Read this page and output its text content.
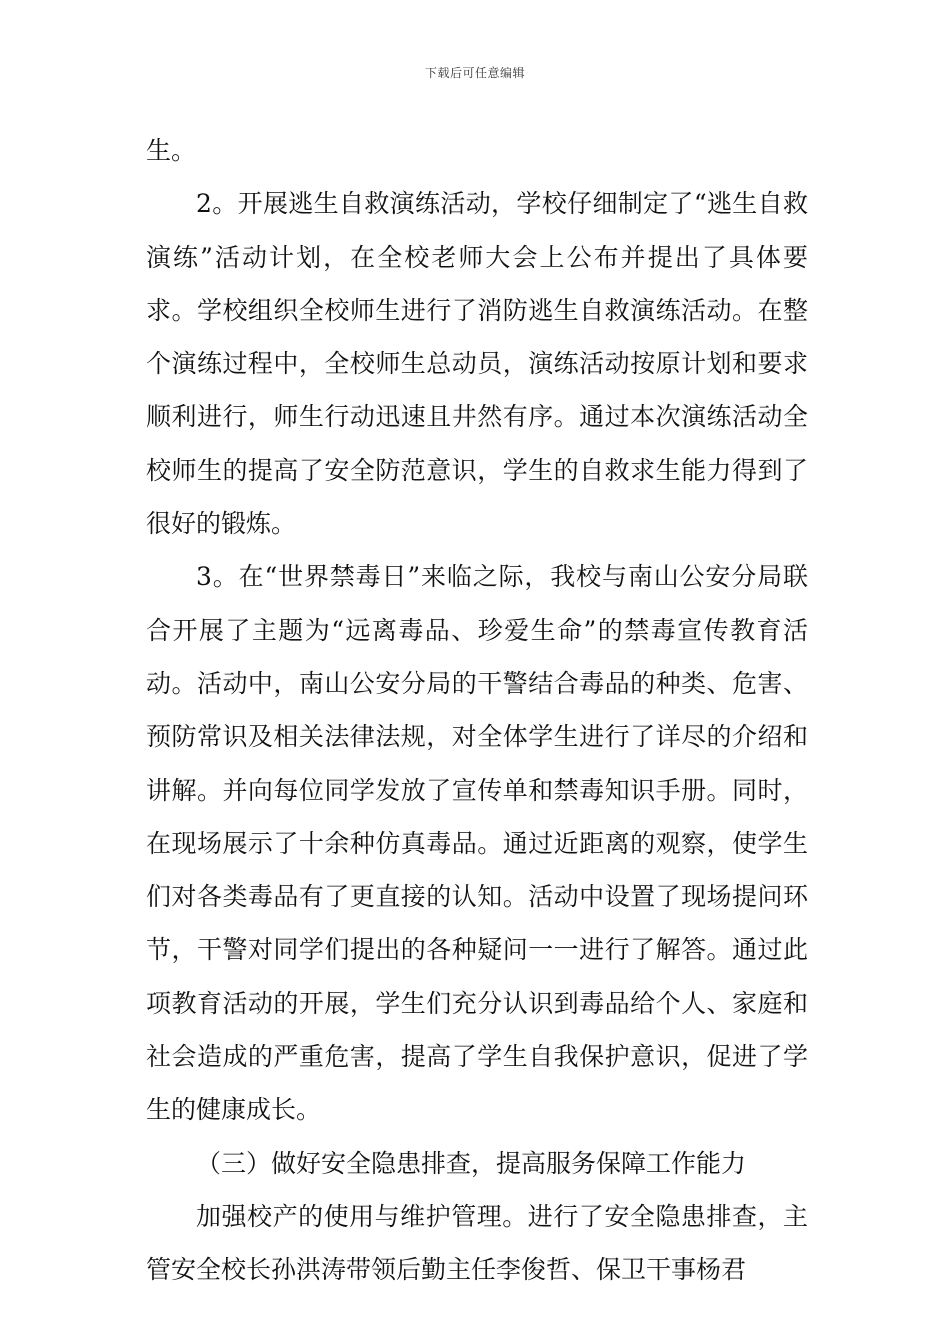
下载后可任意编辑

生。

2。开展逃生自救演练活动，学校仔细制定了“逃生自救演练”活动计划，在全校老师大会上公布并提出了具体要求。学校组织全校师生进行了消防逃生自救演练活动。在整个演练过程中，全校师生总动员，演练活动按原计划和要求顺利进行，师生行动迅速且井然有序。通过本次演练活动全校师生的提高了安全防范意识，学生的自救求生能力得到了很好的锻炼。

3。在“世界禁毒日”来临之际，我校与南山公安分局联合开展了主题为“远离毒品、珍爱生命”的禁毒宣传教育活动。活动中，南山公安分局的干警结合毒品的种类、危害、预防常识及相关法律法规，对全体学生进行了详尽的介绍和讲解。并向每位同学发放了宣传单和禁毒知识手册。同时，在现场展示了十余种仿真毒品。通过近距离的观察，使学生们对各类毒品有了更直接的认知。活动中设置了现场提问环节，干警对同学们提出的各种疑问一一进行了解答。通过此项教育活动的开展，学生们充分认识到毒品给个人、家庭和社会造成的严重危害，提高了学生自我保护意识，促进了学生的健康成长。

（三）做好安全隐患排查，提高服务保障工作能力

加强校产的使用与维护管理。进行了安全隐患排查，主管安全校长孙洪涛带领后勤主任李俊哲、保卫干事杨君
